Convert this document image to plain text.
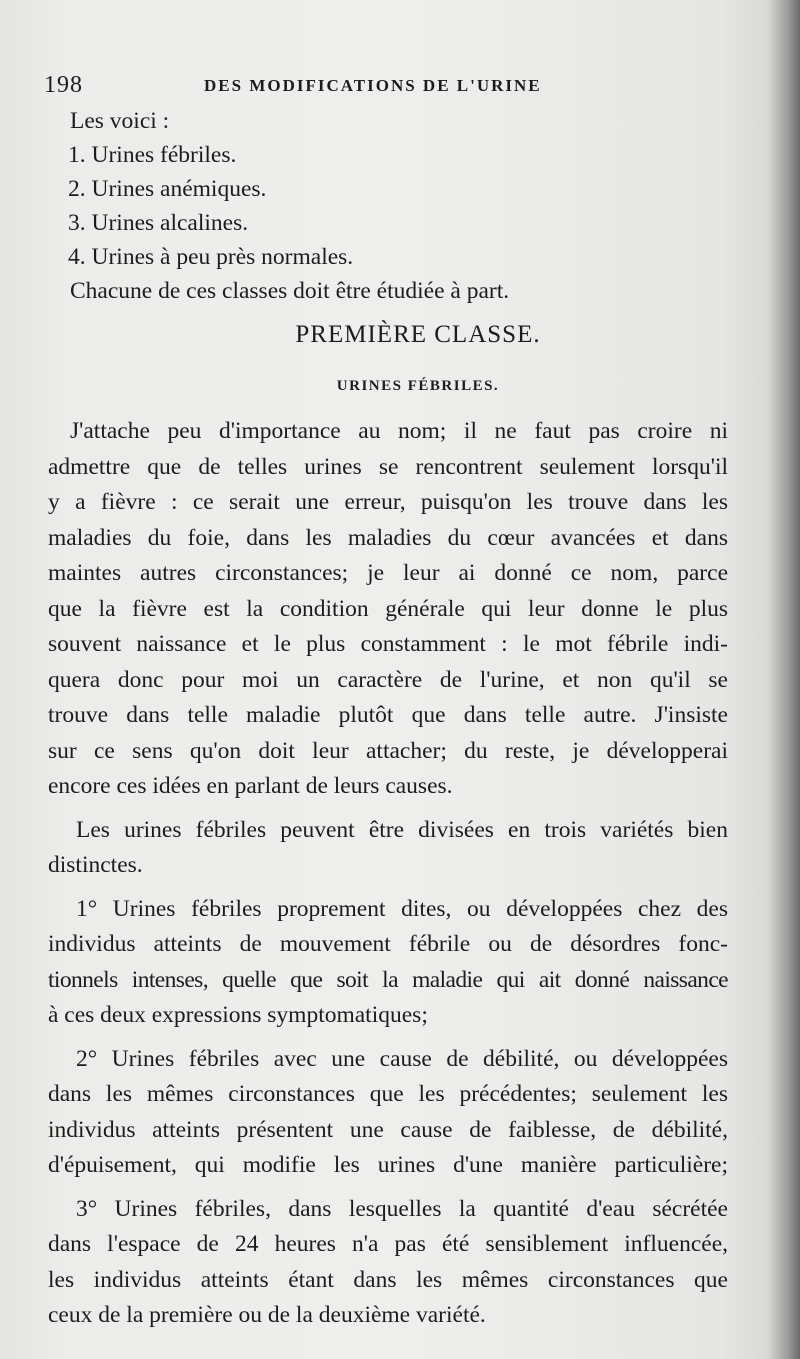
198	DES MODIFICATIONS DE L'URINE
Les voici :
1. Urines fébriles.
2. Urines anémiques.
3. Urines alcalines.
4. Urines à peu près normales.
Chacune de ces classes doit être étudiée à part.
PREMIÈRE CLASSE.
URINES FÉBRILES.
J'attache peu d'importance au nom; il ne faut pas croire ni
admettre que de telles urines se rencontrent seulement lorsqu'il
y a fièvre : ce serait une erreur, puisqu'on les trouve dans les
maladies du foie, dans les maladies du cœur avancées et dans
maintes autres circonstances; je leur ai donné ce nom, parce
que la fièvre est la condition générale qui leur donne le plus
souvent naissance et le plus constamment : le mot fébrile indi-
quera donc pour moi un caractère de l'urine, et non qu'il se
trouve dans telle maladie plutôt que dans telle autre. J'insiste
sur ce sens qu'on doit leur attacher; du reste, je développerai
encore ces idées en parlant de leurs causes.
Les urines fébriles peuvent être divisées en trois variétés bien
distinctes.
1° Urines fébriles proprement dites, ou développées chez des
individus atteints de mouvement fébrile ou de désordres fonc-
tionnels intenses, quelle que soit la maladie qui ait donné naissance
à ces deux expressions symptomatiques;
2° Urines fébriles avec une cause de débilité, ou développées
dans les mêmes circonstances que les précédentes; seulement les
individus atteints présentent une cause de faiblesse, de débilité,
d'épuisement, qui modifie les urines d'une manière particulière;
3° Urines fébriles, dans lesquelles la quantité d'eau sécrétée
dans l'espace de 24 heures n'a pas été sensiblement influencée,
les individus atteints étant dans les mêmes circonstances que
ceux de la première ou de la deuxième variété.
